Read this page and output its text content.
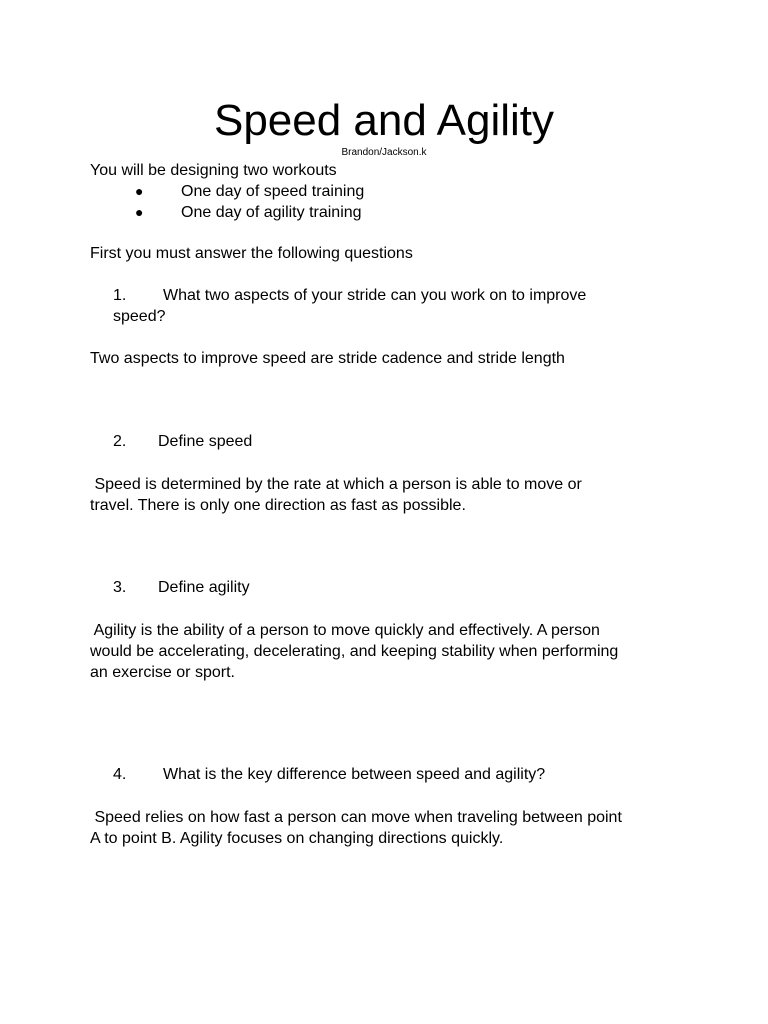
Speed and Agility
Brandon/Jackson.k
You will be designing two workouts
● One day of speed training
● One day of agility training
First you must answer the following questions
1. What two aspects of your stride can you work on to improve
speed?
Two aspects to improve speed are stride cadence and stride length
2. Define speed
Speed is determined by the rate at which a person is able to move or
travel. There is only one direction as fast as possible.
3. Define agility
Agility is the ability of a person to move quickly and effectively. A person
would be accelerating, decelerating, and keeping stability when performing
an exercise or sport.
4. What is the key difference between speed and agility?
Speed relies on how fast a person can move when traveling between point
A to point B. Agility focuses on changing directions quickly.
